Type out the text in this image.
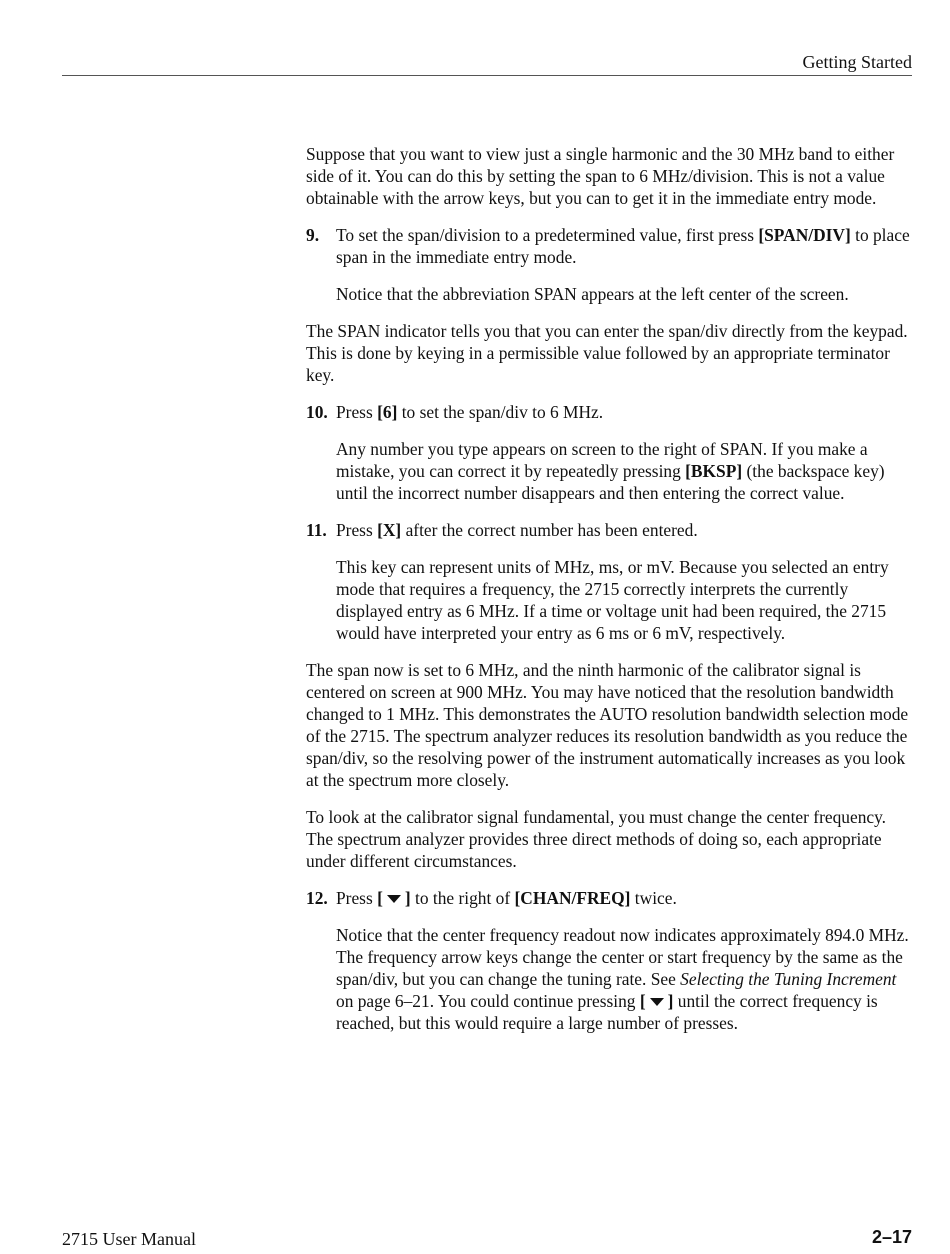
Getting Started

Suppose that you want to view just a single harmonic and the 30 MHz band to either side of it. You can do this by setting the span to 6 MHz/division. This is not a value obtainable with the arrow keys, but you can to get it in the immediate entry mode.

9. To set the span/division to a predetermined value, first press [SPAN/DIV] to place span in the immediate entry mode.

Notice that the abbreviation SPAN appears at the left center of the screen.

The SPAN indicator tells you that you can enter the span/div directly from the keypad. This is done by keying in a permissible value followed by an appropriate terminator key.

10. Press [6] to set the span/div to 6 MHz.

Any number you type appears on screen to the right of SPAN. If you make a mistake, you can correct it by repeatedly pressing [BKSP] (the backspace key) until the incorrect number disappears and then entering the correct value.

11. Press [X] after the correct number has been entered.

This key can represent units of MHz, ms, or mV. Because you selected an entry mode that requires a frequency, the 2715 correctly interprets the currently displayed entry as 6 MHz. If a time or voltage unit had been required, the 2715 would have interpreted your entry as 6 ms or 6 mV, respectively.

The span now is set to 6 MHz, and the ninth harmonic of the calibrator signal is centered on screen at 900 MHz. You may have noticed that the resolution bandwidth changed to 1 MHz. This demonstrates the AUTO resolution bandwidth selection mode of the 2715. The spectrum analyzer reduces its resolution bandwidth as you reduce the span/div, so the resolving power of the instrument automatically increases as you look at the spectrum more closely.

To look at the calibrator signal fundamental, you must change the center frequency. The spectrum analyzer provides three direct methods of doing so, each appropriate under different circumstances.

12. Press [ ] to the right of [CHAN/FREQ] twice.

Notice that the center frequency readout now indicates approximately 894.0 MHz. The frequency arrow keys change the center or start frequency by the same as the span/div, but you can change the tuning rate. See Selecting the Tuning Increment on page 6–21. You could continue pressing [ ] until the correct frequency is reached, but this would require a large number of presses.

2715 User Manual	2–17
